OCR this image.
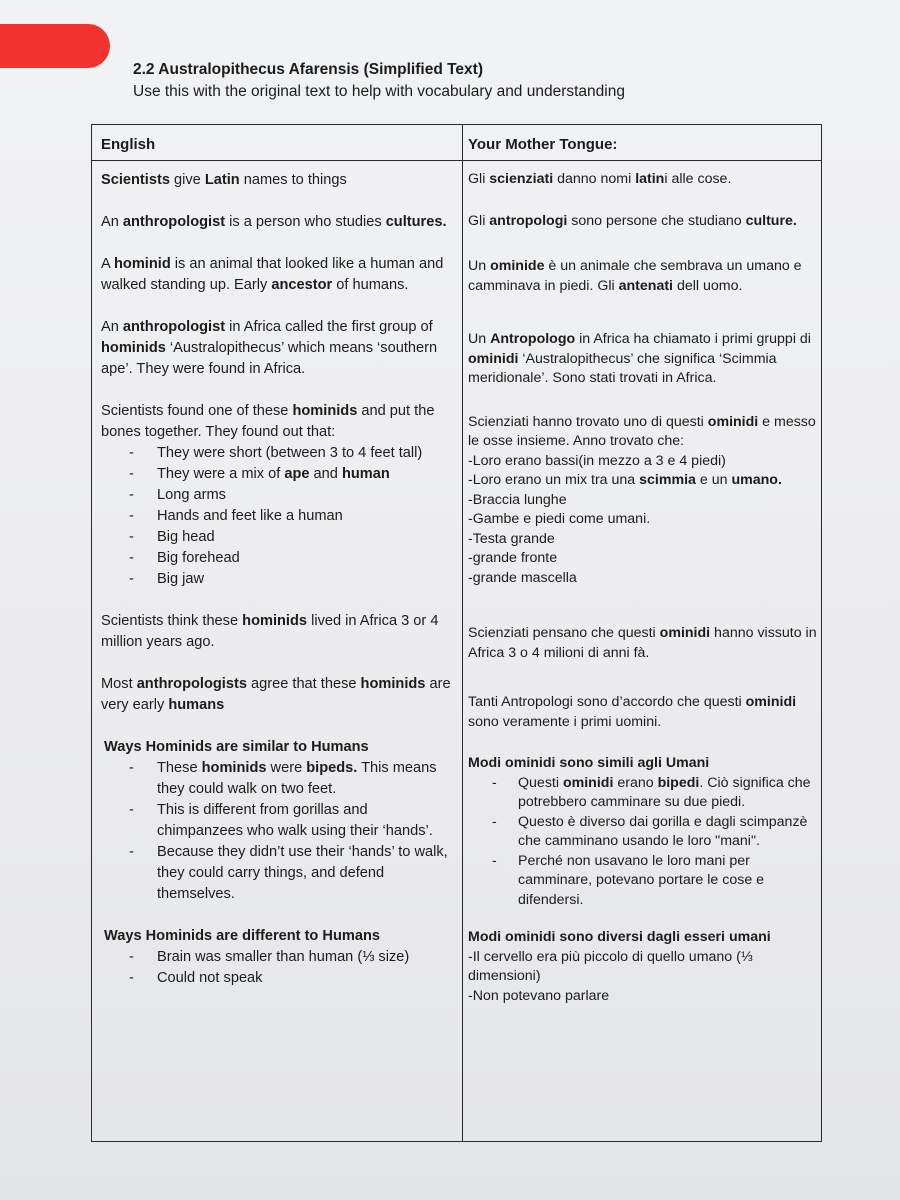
2.2 Australopithecus Afarensis (Simplified Text)

Use this with the original text to help with vocabulary and understanding

English	Your Mother Tongue:

Scientists give Latin names to things

An anthropologist is a person who studies cultures.

A hominid is an animal that looked like a human and walked standing up. Early ancestor of humans.

An anthropologist in Africa called the first group of hominids ‘Australopithecus’ which means ‘southern ape’. They were found in Africa.

Scientists found one of these hominids and put the bones together. They found out that:

- They were short (between 3 to 4 feet tall)
- They were a mix of ape and human
- Long arms
- Hands and feet like a human
- Big head
- Big forehead
- Big jaw

Scientists think these hominids lived in Africa 3 or 4 million years ago.

Most anthropologists agree that these hominids are very early humans

Ways Hominids are similar to Humans

- These hominids were bipeds. This means they could walk on two feet.
- This is different from gorillas and chimpanzees who walk using their ‘hands’.
- Because they didn’t use their ‘hands’ to walk, they could carry things, and defend themselves.

Ways Hominids are different to Humans

- Brain was smaller than human (⅓ size)
- Could not speak

Gli scienziati danno nomi latini alle cose.

Gli antropologi sono persone che studiano culture.

Un ominide è un animale che sembrava un umano e camminava in piedi. Gli antenati dell uomo.

Un Antropologo in Africa ha chiamato i primi gruppi di ominidi ‘Australopithecus’ che significa ‘Scimmia meridionale’. Sono stati trovati in Africa.

Scienziati hanno trovato uno di questi ominidi e messo le osse insieme. Anno trovato che:

-Loro erano bassi(in mezzo a 3 e 4 piedi)

-Loro erano un mix tra una scimmia e un umano.

-Braccia lunghe

-Gambe e piedi come umani.

-Testa grande

-grande fronte

-grande mascella

Scienziati pensano che questi ominidi hanno vissuto in Africa 3 o 4 milioni di anni fà.

Tanti Antropologi sono d’accordo che questi ominidi sono veramente i primi uomini.

Modi ominidi sono simili agli Umani

- Questi ominidi erano bipedi. Ciò significa che potrebbero camminare su due piedi.
- Questo è diverso dai gorilla e dagli scimpanzè che camminano usando le loro "mani".
- Perché non usavano le loro mani per camminare, potevano portare le cose e difendersi.

Modi ominidi sono diversi dagli esseri umani

-Il cervello era più piccolo di quello umano (⅓ dimensioni)

-Non potevano parlare
